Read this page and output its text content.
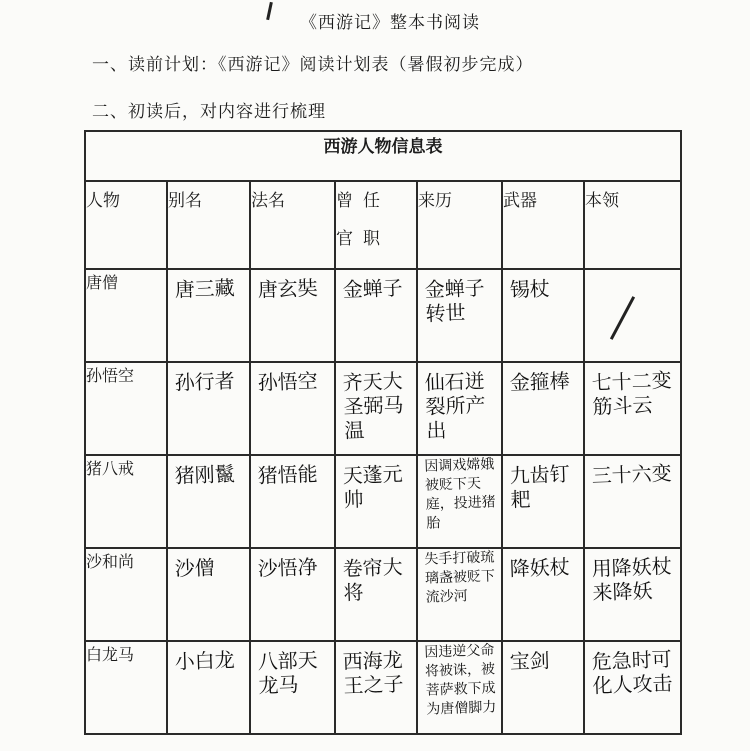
《西游记》整本书阅读
一、读前计划：《西游记》阅读计划表（暑假初步完成）
二、初读后，对内容进行梳理
西游人物信息表						
人物	别名	法名	曾任官职	来历	武器	本领
唐僧	唐三藏	唐玄奘	金蝉子	金蝉子转世	锡杖	

孙悟空	孙行者	孙悟空	齐天大圣弼马温	仙石迸裂所产出	金箍棒	七十二变筋斗云

猪八戒	猪刚鬣	猪悟能	天蓬元帅	因调戏嫦娥被贬下天庭，投进猪胎	九齿钉耙	三十六变

沙和尚	沙僧	沙悟净	卷帘大将	失手打破琉璃盏被贬下流沙河	降妖杖	用降妖杖来降妖

白龙马	小白龙	八部天龙马	西海龙王之子	因违逆父命将被诛，被菩萨救下成为唐僧脚力	宝剑	危急时可化人攻击
